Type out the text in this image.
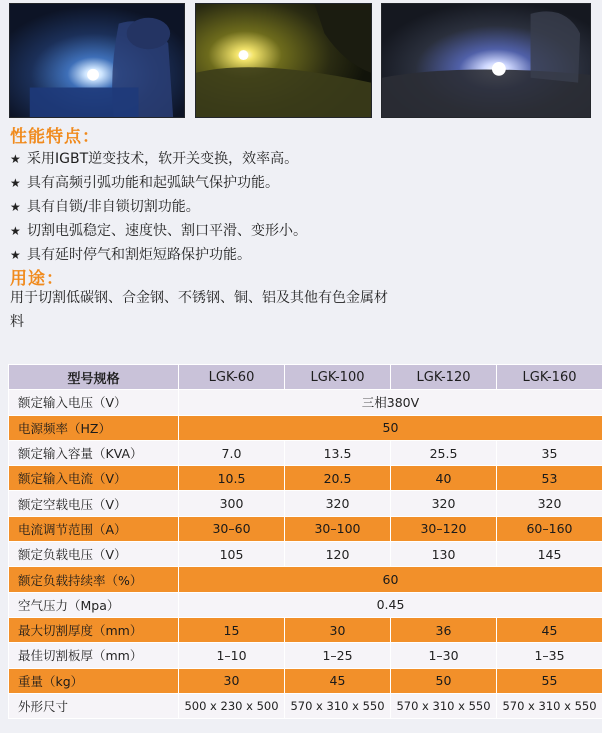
性能特点：
★ 采用IGBT逆变技术，软开关变换，效率高。
★ 具有高频引弧功能和起弧缺气保护功能。
★ 具有自锁/非自锁切割功能。
★ 切割电弧稳定、速度快、割口平滑、变形小。
★ 具有延时停气和割炬短路保护功能。
用途：
用于切割低碳钢、合金钢、不锈钢、铜、铝及其他有色金属材料
型号规格	LGK-60	LGK-100	LGK-120	LGK-160
额定输入电压（V）	三相380V			
电源频率（HZ）	50			
额定输入容量（KVA）	7.0	13.5	25.5	35
额定输入电流（V）	10.5	20.5	40	53
额定空载电压（V）	300	320	320	320
电流调节范围（A）	30–60	30–100	30–120	60–160
额定负载电压（V）	105	120	130	145
额定负载持续率（%）	60			
空气压力（Mpa）	0.45			
最大切割厚度（mm）	15	30	36	45
最佳切割板厚（mm）	1–10	1–25	1–30	1–35
重量（kg）	30	45	50	55
外形尺寸	500 x 230 x 500	570 x 310 x 550	570 x 310 x 550	570 x 310 x 550
